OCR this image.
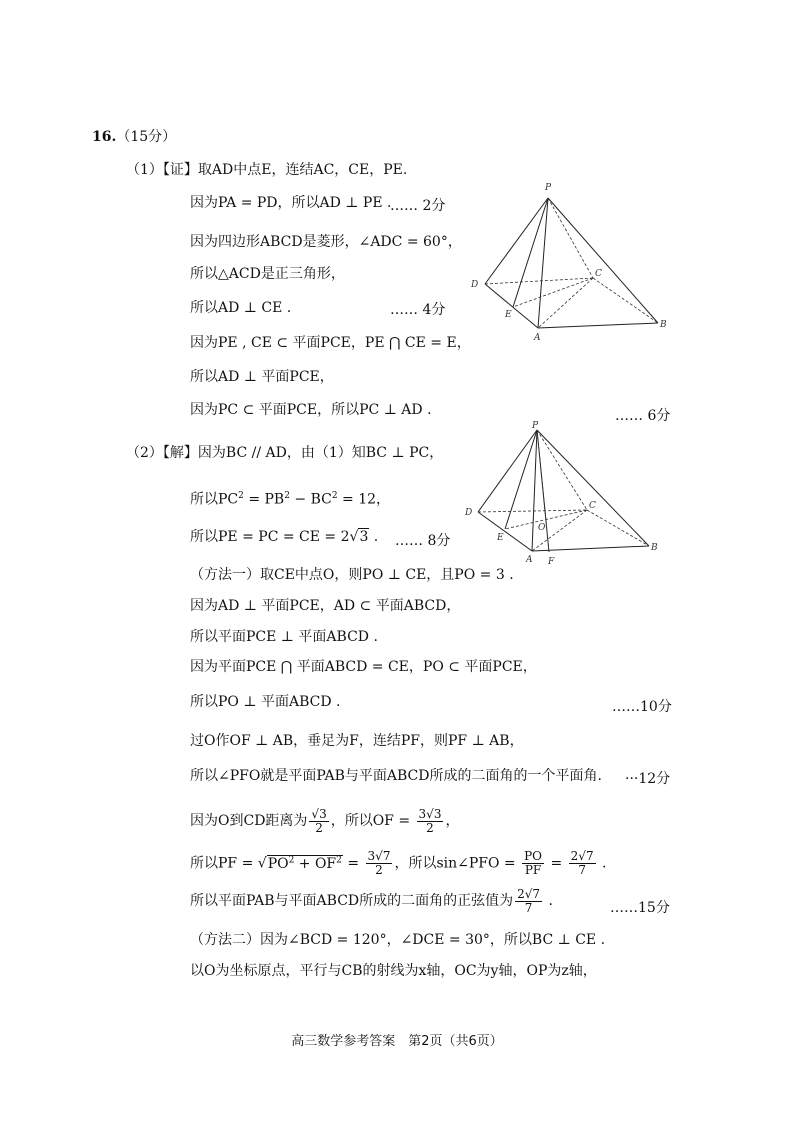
16.（15分）
（1）【证】取AD中点E，连结AC，CE，PE.
因为PA = PD，所以AD ⊥ PE .
…… 2分
因为四边形ABCD是菱形，∠ADC = 60°，
所以△ACD是正三角形，
所以AD ⊥ CE .	…… 4分
因为PE , CE ⊂ 平面PCE，PE ⋂ CE = E，
所以AD ⊥ 平面PCE，
因为PC ⊂ 平面PCE，所以PC ⊥ AD .	…… 6分
P
D
C
E
A
B
（2）【解】因为BC // AD，由（1）知BC ⊥ PC，
所以$PC^2 = PB^2 - BC^2 = 12$，
所以PE = PC = CE = 2√3 . …… 8分
P
D
C
E
O
A F
B
（方法一）取CE中点O，则PO ⊥ CE，且PO = 3 .
因为AD ⊥ 平面PCE，AD ⊂ 平面ABCD，
所以平面PCE ⊥ 平面ABCD .
因为平面PCE ⋂ 平面ABCD = CE，PO ⊂ 平面PCE，
所以PO ⊥ 平面ABCD .	……10分
过O作OF ⊥ AB，垂足为F，连结PF，则PF ⊥ AB，
所以∠PFO就是平面PAB与平面ABCD所成的二面角的一个平面角. ···12分
因为O到CD距离为 $\frac{√3}{2}$ ，所以OF = $\frac{3√3}{2}$ ，
所以PF = $√PO^2 + OF^2 = \frac{3√7}{2}$ ，所以sin∠PFO = $\frac{PO}{PF} = \frac{2√7}{7}$ .
所以平面PAB与平面ABCD所成的二面角的正弦值为 $\frac{2√7}{7}$ .	……15分
（方法二）因为∠BCD = 120°，∠DCE = 30°，所以BC ⊥ CE .
以O为坐标原点，平行与CB的射线为x轴，OC为y轴，OP为z轴，
高三数学参考答案　第2页（共6页）
